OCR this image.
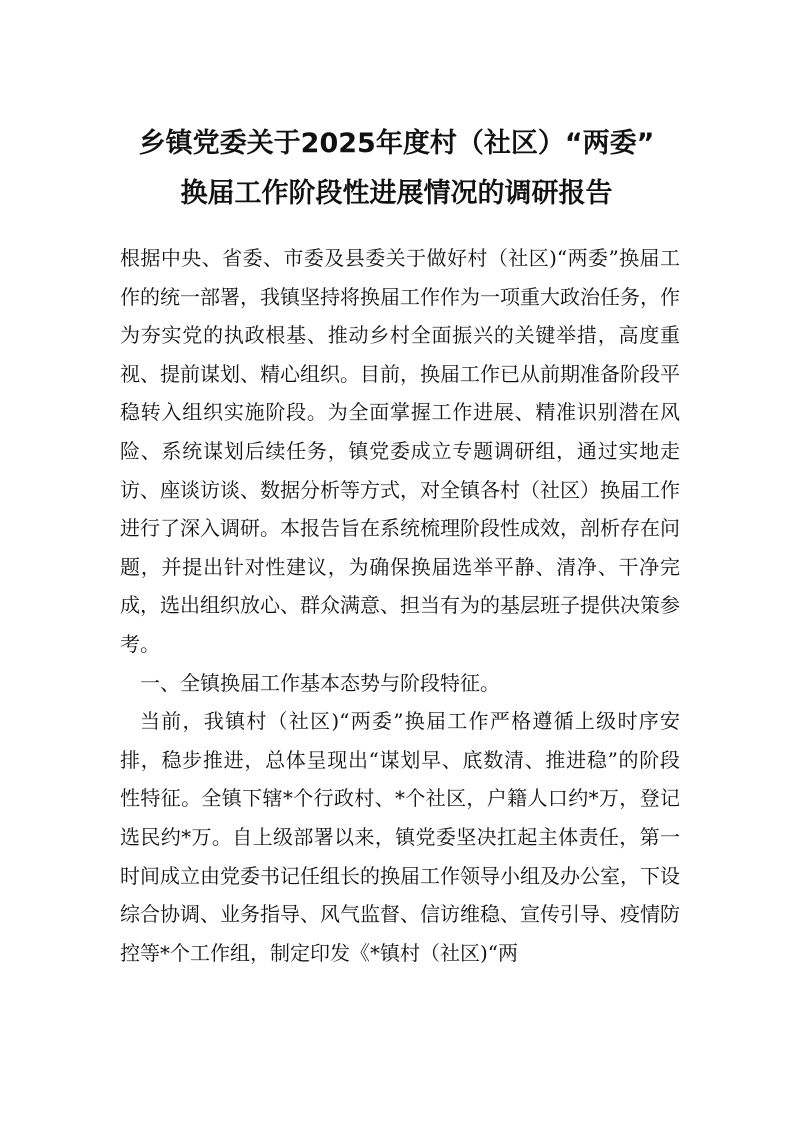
乡镇党委关于2025年度村（社区）“两委”
换届工作阶段性进展情况的调研报告

根据中央、省委、市委及县委关于做好村（社区)“两委”换届工作的统一部署，我镇坚持将换届工作作为一项重大政治任务，作为夯实党的执政根基、推动乡村全面振兴的关键举措，高度重视、提前谋划、精心组织。目前，换届工作已从前期准备阶段平稳转入组织实施阶段。为全面掌握工作进展、精准识别潜在风险、系统谋划后续任务，镇党委成立专题调研组，通过实地走访、座谈访谈、数据分析等方式，对全镇各村（社区）换届工作进行了深入调研。本报告旨在系统梳理阶段性成效，剖析存在问题，并提出针对性建议，为确保换届选举平静、清净、干净完成，选出组织放心、群众满意、担当有为的基层班子提供决策参考。

一、全镇换届工作基本态势与阶段特征。

当前，我镇村（社区)“两委”换届工作严格遵循上级时序安排，稳步推进，总体呈现出“谋划早、底数清、推进稳”的阶段性特征。全镇下辖*个行政村、*个社区，户籍人口约*万，登记选民约*万。自上级部署以来，镇党委坚决扛起主体责任，第一时间成立由党委书记任组长的换届工作领导小组及办公室，下设综合协调、业务指导、风气监督、信访维稳、宣传引导、疫情防控等*个工作组，制定印发《*镇村（社区)“两
